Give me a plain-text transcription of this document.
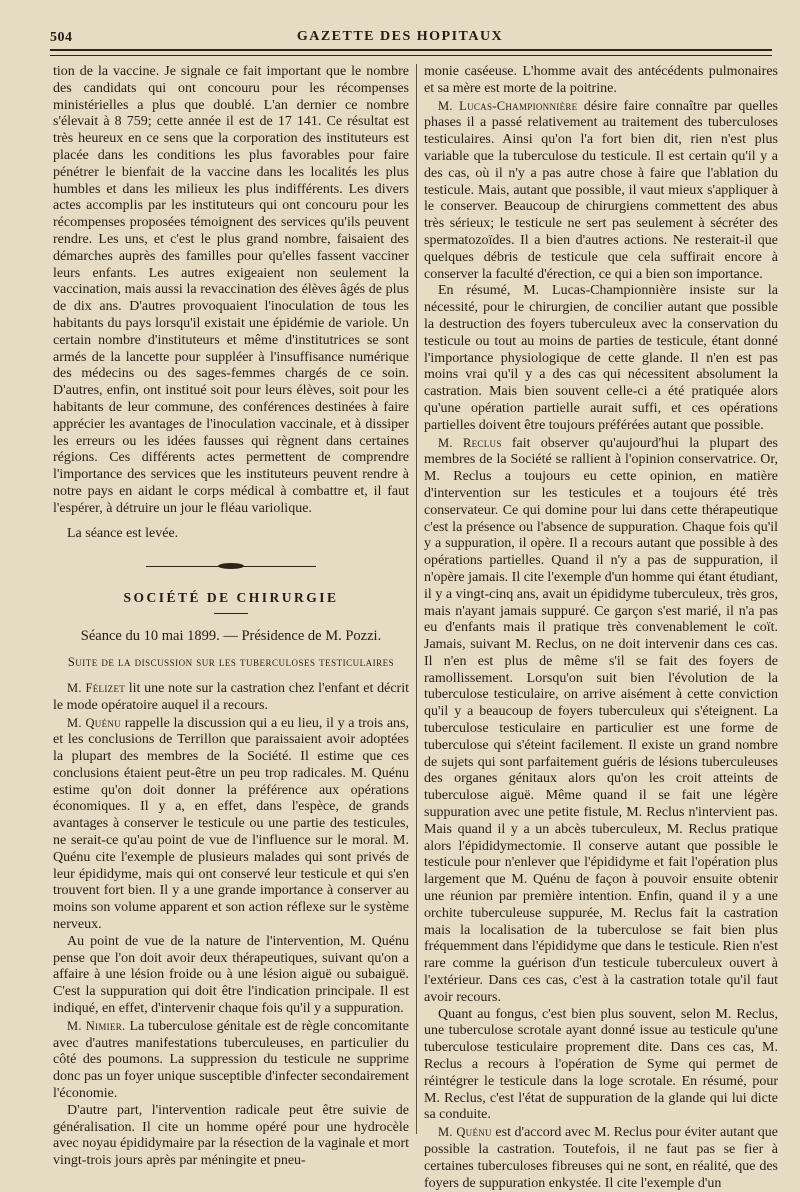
504	GAZETTE DES HOPITAUX

tion de la vaccine. Je signale ce fait important que le nombre des candidats qui ont concouru pour les récompenses ministérielles a plus que doublé. L'an dernier ce nombre s'élevait à 8 759; cette année il est de 17 141. Ce résultat est très heureux en ce sens que la corporation des instituteurs est placée dans les conditions les plus favorables pour faire pénétrer le bienfait de la vaccine dans les localités les plus humbles et dans les milieux les plus indifférents. Les divers actes accomplis par les instituteurs qui ont concouru pour les récompenses proposées témoignent des services qu'ils peuvent rendre. Les uns, et c'est le plus grand nombre, faisaient des démarches auprès des familles pour qu'elles fassent vacciner leurs enfants. Les autres exigeaient non seulement la vaccination, mais aussi la revaccination des élèves âgés de plus de dix ans. D'autres provoquaient l'inoculation de tous les habitants du pays lorsqu'il existait une épidémie de variole. Un certain nombre d'instituteurs et même d'institutrices se sont armés de la lancette pour suppléer à l'insuffisance numérique des médecins ou des sages-femmes chargés de ce soin. D'autres, enfin, ont institué soit pour leurs élèves, soit pour les habitants de leur commune, des conférences destinées à faire apprécier les avantages de l'inoculation vaccinale, et à dissiper les erreurs ou les idées fausses qui règnent dans certaines régions. Ces différents actes permettent de comprendre l'importance des services que les instituteurs peuvent rendre à notre pays en aidant le corps médical à combattre et, il faut l'espérer, à détruire un jour le fléau variolique.

La séance est levée.

SOCIÉTÉ DE CHIRURGIE

Séance du 10 mai 1899. — Présidence de M. Pozzi.

Suite de la discussion sur les tuberculoses testiculaires

M. Félizet lit une note sur la castration chez l'enfant et décrit le mode opératoire auquel il a recours.

M. Quénu rappelle la discussion qui a eu lieu, il y a trois ans, et les conclusions de Terrillon que paraissaient avoir adoptées la plupart des membres de la Société. Il estime que ces conclusions étaient peut-être un peu trop radicales. M. Quénu estime qu'on doit donner la préférence aux opérations économiques. Il y a, en effet, dans l'espèce, de grands avantages à conserver le testicule ou une partie des testicules, ne serait-ce qu'au point de vue de l'influence sur le moral. M. Quénu cite l'exemple de plusieurs malades qui sont privés de leur épididyme, mais qui ont conservé leur testicule et qui s'en trouvent fort bien. Il y a une grande importance à conserver au moins son volume apparent et son action réflexe sur le système nerveux.

Au point de vue de la nature de l'intervention, M. Quénu pense que l'on doit avoir deux thérapeutiques, suivant qu'on a affaire à une lésion froide ou à une lésion aiguë ou subaiguë. C'est la suppuration qui doit être l'indication principale. Il est indiqué, en effet, d'intervenir chaque fois qu'il y a suppuration.

M. Nimier. La tuberculose génitale est de règle concomitante avec d'autres manifestations tuberculeuses, en particulier du côté des poumons. La suppression du testicule ne supprime donc pas un foyer unique susceptible d'infecter secondairement l'économie.

D'autre part, l'intervention radicale peut être suivie de généralisation. Il cite un homme opéré pour une hydrocèle avec noyau épididymaire par la résection de la vaginale et mort vingt-trois jours après par méningite et pneu-

monie caséeuse. L'homme avait des antécédents pulmonaires et sa mère est morte de la poitrine.

M. Lucas-Championnière désire faire connaître par quelles phases il a passé relativement au traitement des tuberculoses testiculaires. Ainsi qu'on l'a fort bien dit, rien n'est plus variable que la tuberculose du testicule. Il est certain qu'il y a des cas, où il n'y a pas autre chose à faire que l'ablation du testicule. Mais, autant que possible, il vaut mieux s'appliquer à le conserver. Beaucoup de chirurgiens commettent des abus très sérieux; le testicule ne sert pas seulement à sécréter des spermatozoïdes. Il a bien d'autres actions. Ne resterait-il que quelques débris de testicule que cela suffirait encore à conserver la faculté d'érection, ce qui a bien son importance.

En résumé, M. Lucas-Championnière insiste sur la nécessité, pour le chirurgien, de concilier autant que possible la destruction des foyers tuberculeux avec la conservation du testicule ou tout au moins de parties de testicule, étant donné l'importance physiologique de cette glande. Il n'en est pas moins vrai qu'il y a des cas qui nécessitent absolument la castration. Mais bien souvent celle-ci a été pratiquée alors qu'une opération partielle aurait suffi, et ces opérations partielles doivent être toujours préférées autant que possible.

M. Reclus fait observer qu'aujourd'hui la plupart des membres de la Société se rallient à l'opinion conservatrice. Or, M. Reclus a toujours eu cette opinion, en matière d'intervention sur les testicules et a toujours été très conservateur. Ce qui domine pour lui dans cette thérapeutique c'est la présence ou l'absence de suppuration. Chaque fois qu'il y a suppuration, il opère. Il a recours autant que possible à des opérations partielles. Quand il n'y a pas de suppuration, il n'opère jamais. Il cite l'exemple d'un homme qui étant étudiant, il y a vingt-cinq ans, avait un épididyme tuberculeux, très gros, mais n'ayant jamais suppuré. Ce garçon s'est marié, il n'a pas eu d'enfants mais il pratique très convenablement le coït. Jamais, suivant M. Reclus, on ne doit intervenir dans ces cas. Il n'en est plus de même s'il se fait des foyers de ramollissement. Lorsqu'on suit bien l'évolution de la tuberculose testiculaire, on arrive aisément à cette conviction qu'il y a beaucoup de foyers tuberculeux qui s'éteignent. La tuberculose testiculaire en particulier est une forme de tuberculose qui s'éteint facilement. Il existe un grand nombre de sujets qui sont parfaitement guéris de lésions tuberculeuses des organes génitaux alors qu'on les croit atteints de tuberculose aiguë. Même quand il se fait une légère suppuration avec une petite fistule, M. Reclus n'intervient pas. Mais quand il y a un abcès tuberculeux, M. Reclus pratique alors l'épididymectomie. Il conserve autant que possible le testicule pour n'enlever que l'épididyme et fait l'opération plus largement que M. Quénu de façon à pouvoir ensuite obtenir une réunion par première intention. Enfin, quand il y a une orchite tuberculeuse suppurée, M. Reclus fait la castration mais la localisation de la tuberculose se fait bien plus fréquemment dans l'épididyme que dans le testicule. Rien n'est rare comme la guérison d'un testicule tuberculeux ouvert à l'extérieur. Dans ces cas, c'est à la castration totale qu'il faut avoir recours.

Quant au fongus, c'est bien plus souvent, selon M. Reclus, une tuberculose scrotale ayant donné issue au testicule qu'une tuberculose testiculaire proprement dite. Dans ces cas, M. Reclus a recours à l'opération de Syme qui permet de réintégrer le testicule dans la loge scrotale. En résumé, pour M. Reclus, c'est l'état de suppuration de la glande qui lui dicte sa conduite.

M. Quénu est d'accord avec M. Reclus pour éviter autant que possible la castration. Toutefois, il ne faut pas se fier à certaines tuberculoses fibreuses qui ne sont, en réalité, que des foyers de suppuration enkystée. Il cite l'exemple d'un
